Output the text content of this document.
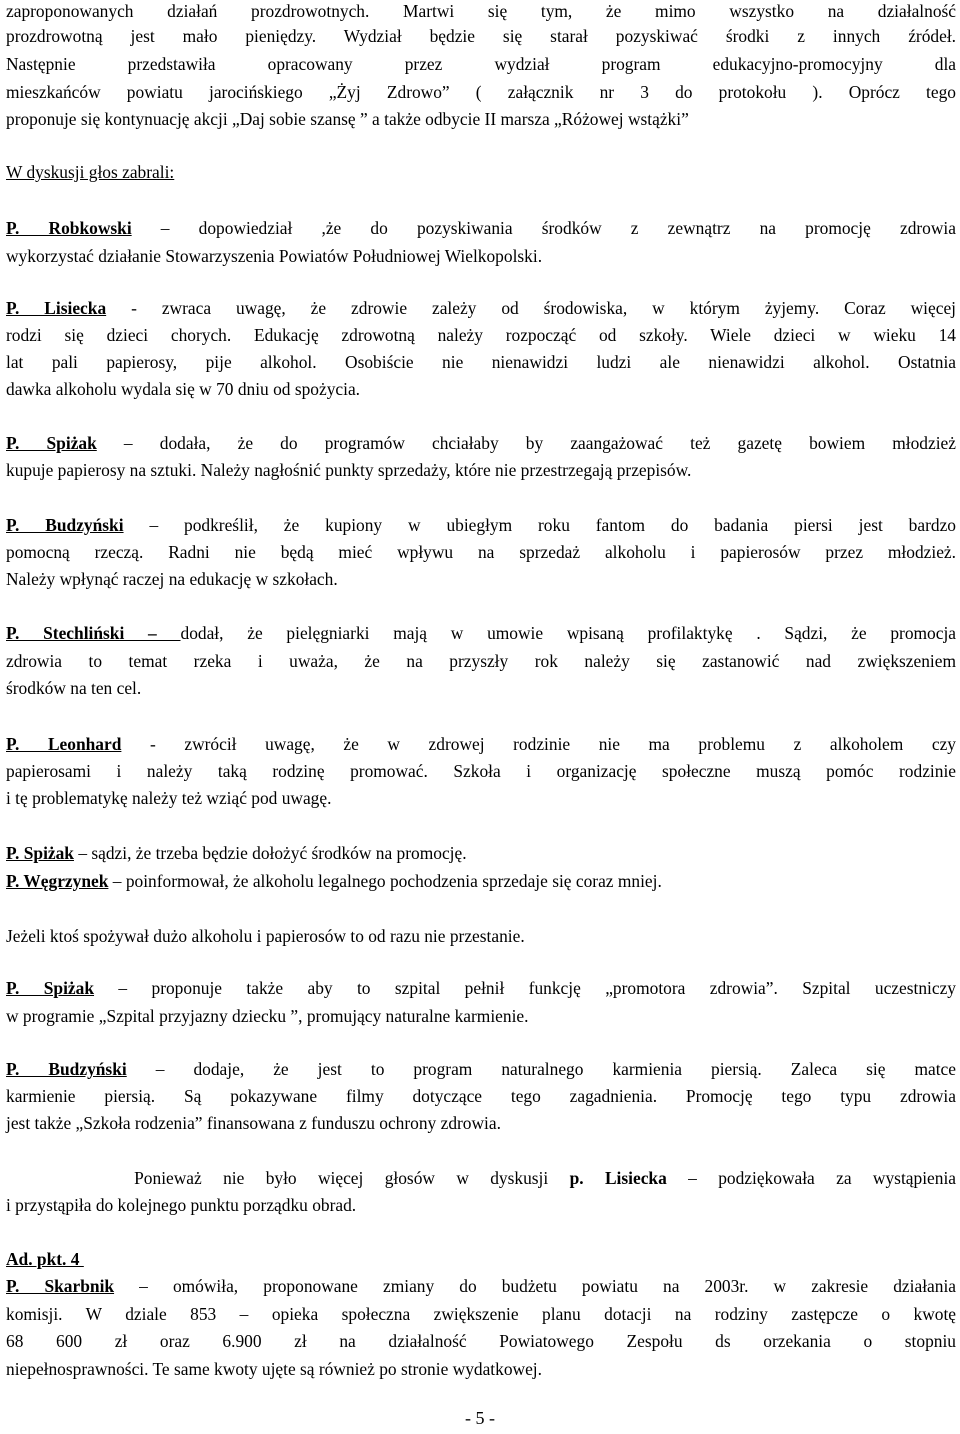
zaproponowanych działań prozdrowotnych. Martwi się tym, że mimo wszystko na działalność
prozdrowotną jest mało pieniędzy. Wydział będzie się starał pozyskiwać środki z innych źródeł.
Następnie przedstawiła opracowany przez wydział program edukacyjno-promocyjny dla
mieszkańców powiatu jarocińskiego „Żyj Zdrowo” ( załącznik nr 3 do protokołu ). Oprócz tego
proponuje się kontynuację akcji „Daj sobie szansę ” a także odbycie II marsza „Różowej wstążki”
W dyskusji głos zabrali:
P. Robkowski – dopowiedział ,że do pozyskiwania środków z zewnątrz na promocję zdrowia
wykorzystać działanie Stowarzyszenia Powiatów Południowej Wielkopolski.
P. Lisiecka - zwraca uwagę, że zdrowie zależy od środowiska, w którym żyjemy. Coraz więcej
rodzi się dzieci chorych. Edukację zdrowotną należy rozpocząć od szkoły. Wiele dzieci w wieku 14
lat pali papierosy, pije alkohol. Osobiście nie nienawidzi ludzi ale nienawidzi alkohol. Ostatnia
dawka alkoholu wydala się w 70 dniu od spożycia.
P. Spiżak – dodała, że do programów chciałaby by zaangażować też gazetę bowiem młodzież
kupuje papierosy na sztuki. Należy nagłośnić punkty sprzedaży, które nie przestrzegają przepisów.
P. Budzyński – podkreślił, że kupiony w ubiegłym roku fantom do badania piersi jest bardzo
pomocną rzeczą. Radni nie będą mieć wpływu na sprzedaż alkoholu i papierosów przez młodzież.
Należy wpłynąć raczej na edukację w szkołach.
P. Stechliński – dodał, że pielęgniarki mają w umowie wpisaną profilaktykę . Sądzi, że promocja
zdrowia to temat rzeka i uważa, że na przyszły rok należy się zastanowić nad zwiększeniem
środków na ten cel.
P. Leonhard - zwrócił uwagę, że w zdrowej rodzinie nie ma problemu z alkoholem czy
papierosami i należy taką rodzinę promować. Szkoła i organizację społeczne muszą pomóc rodzinie
i tę problematykę należy też wziąć pod uwagę.
P. Spiżak – sądzi, że trzeba będzie dołożyć środków na promocję.
P. Węgrzynek – poinformował, że alkoholu legalnego pochodzenia sprzedaje się coraz mniej.
Jeżeli ktoś spożywał dużo alkoholu i papierosów to od razu nie przestanie.
P. Spiżak – proponuje także aby to szpital pełnił funkcję „promotora zdrowia”. Szpital uczestniczy
w programie „Szpital przyjazny dziecku ”, promujący naturalne karmienie.
P. Budzyński – dodaje, że jest to program naturalnego karmienia piersią. Zaleca się matce
karmienie piersią. Są pokazywane filmy dotyczące tego zagadnienia. Promocję tego typu zdrowia
jest także „Szkoła rodzenia” finansowana z funduszu ochrony zdrowia.
Ponieważ nie było więcej głosów w dyskusji p. Lisiecka – podziękowała za wystąpienia
i przystąpiła do kolejnego punktu porządku obrad.
Ad. pkt. 4
P. Skarbnik – omówiła, proponowane zmiany do budżetu powiatu na 2003r. w zakresie działania
komisji. W dziale 853 – opieka społeczna zwiększenie planu dotacji na rodziny zastępcze o kwotę
68 600 zł oraz 6.900 zł na działalność Powiatowego Zespołu ds orzekania o stopniu
niepełnosprawności. Te same kwoty ujęte są również po stronie wydatkowej.
- 5 -
